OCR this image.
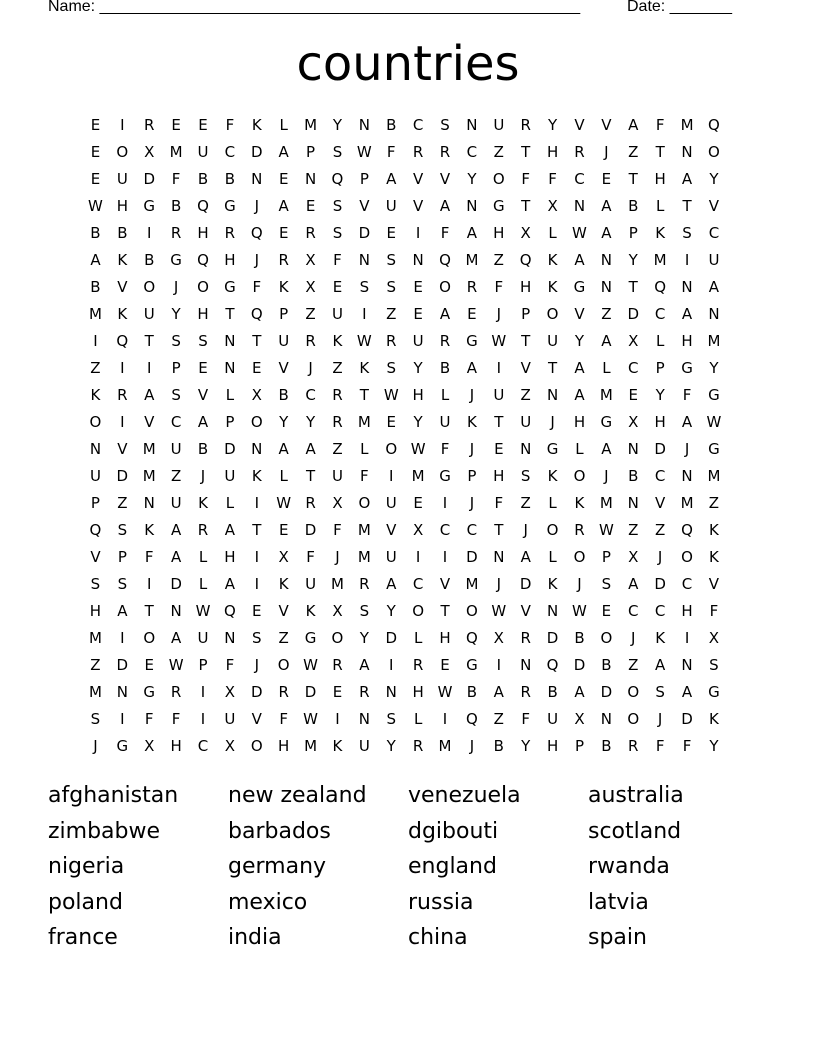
Name: ______________________________________________________	Date: _______
countries
E	I	R	E	E	F	K	L	M	Y	N	B	C	S	N	U	R	Y	V	V	A	F	M Q
E	O	X	M U	C	D	A	P	S W	F	R	R	C	Z	T	H	R	J	Z	T	N	O
E	U	D	F	B	B	N	E	N	Q	P	A	V	V	Y	O	F	F	C	E	T	H	A	Y
W H	G	B	Q	G	J	A	E	S	V	U	V	A	N	G	T	X	N	A	B	L	T	V
B	B	I	R	H	R	Q	E	R	S	D	E	I	F	A	H	X	L	W A	P	K	S	C
A	K	B	G	Q	H	J	R	X	F	N	S	N	Q M	Z	Q	K	A	N	Y	M	I	U
B	V	O	J	O	G	F	K	X	E	S	S	E	O	R	F	H	K	G	N	T	Q	N	A
M	K	U	Y	H	T	Q	P	Z	U	I	Z	E	A	E	J	P	O	V	Z	D	C	A	N
I	Q	T	S	S	N	T	U	R	K W R	U	R	G W T	U	Y	A	X	L	H M
Z	I	I	P	E	N	E	V	J	Z	K	S	Y	B	A	I	V	T	A	L	C	P	G	Y
K	R	A	S	V	L	X	B	C	R	T W H	L	J	U	Z	N	A	M	E	Y	F	G
O	I	V	C	A	P	O	Y	Y	R	M	E	Y	U	K	T	U	J	H	G	X	H	A W
N	V	M U	B	D	N	A	A	Z	L	O W	F	J	E	N	G	L	A	N	D	J	G
U	D M	Z	J	U	K	L	T	U	F	I	M G	P	H	S	K	O	J	B	C	N M
P	Z	N	U	K	L	I	W R	X	O	U	E	I	J	F	Z	L	K	M N	V	M	Z
Q	S	K	A	R	A	T	E	D	F	M	V	X	C	C	T	J	O	R W Z	Z	Q	K
V	P	F	A	L	H	I	X	F	J	M U	I	I	D	N	A	L	O	P	X	J	O	K
S	S	I	D	L	A	I	K	U M	R	A	C	V	M	J	D	K	J	S	A	D	C	V
H	A	T	N W Q	E	V	K	X	S	Y	O	T	O W V	N W E	C	C	H	F
M	I	O	A	U	N	S	Z	G	O	Y	D	L	H	Q	X	R	D	B	O	J	K	I	X
Z	D	E W P	F	J	O W R	A	I	R	E	G	I	N	Q	D	B	Z	A	N	S
M N	G	R	I	X	D	R	D	E	R	N	H W B	A	R	B	A	D	O	S	A	G
S	I	F	F	I	U	V	F	W	I	N	S	L	I	Q	Z	F	U	X	N	O	J	D	K
J	G	X	H	C	X	O	H M	K	U	Y	R	M	J	B	Y	H	P	B	R	F	F	Y
afghanistan	new zealand	venezuela	australia
zimbabwe	barbados	dgibouti	scotland
nigeria	germany	england	rwanda
poland	mexico	russia	latvia
france	india	china	spain
